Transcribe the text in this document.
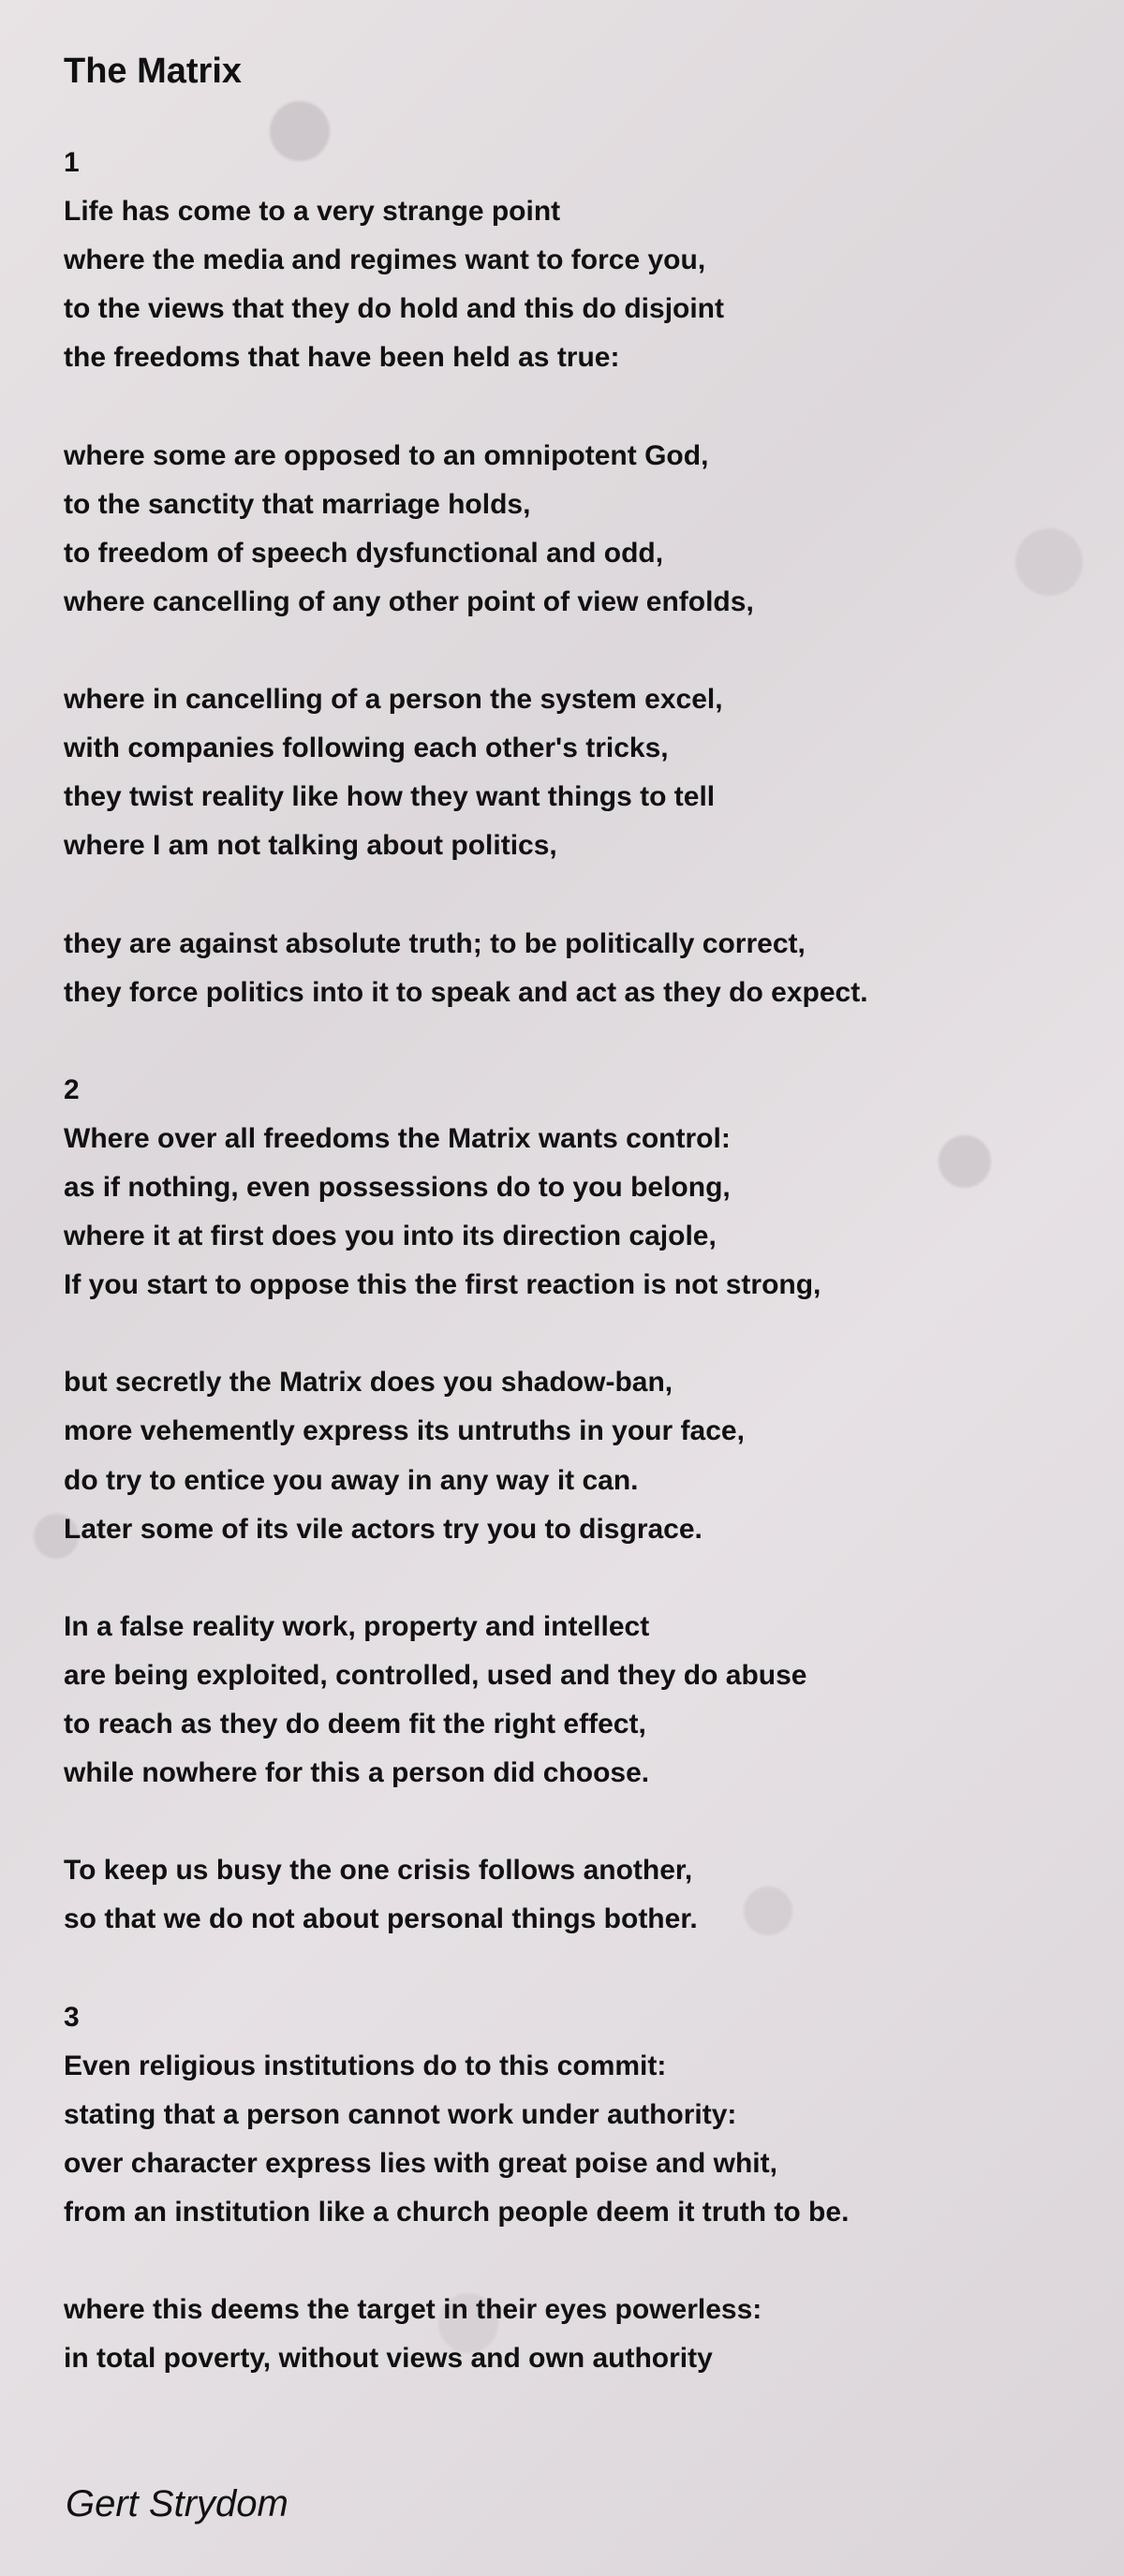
The Matrix
1
Life has come to a very strange point
where the media and regimes want to force you,
to the views that they do hold and this do disjoint
the freedoms that have been held as true:
where some are opposed to an omnipotent God,
to the sanctity that marriage holds,
to freedom of speech dysfunctional and odd,
where cancelling of any other point of view enfolds,
where in cancelling of a person the system excel,
with companies following each other's tricks,
they twist reality like how they want things to tell
where I am not talking about politics,
they are against absolute truth; to be politically correct,
they force politics into it to speak and act as they do expect.
2
Where over all freedoms the Matrix wants control:
as if nothing, even possessions do to you belong,
where it at first does you into its direction cajole,
If you start to oppose this the first reaction is not strong,
but secretly the Matrix does you shadow-ban,
more vehemently express its untruths in your face,
do try to entice you away in any way it can.
Later some of its vile actors try you to disgrace.
In a false reality work, property and intellect
are being exploited, controlled, used and they do abuse
to reach as they do deem fit the right effect,
while nowhere for this a person did choose.
To keep us busy the one crisis follows another,
so that we do not about personal things bother.
3
Even religious institutions do to this commit:
stating that a person cannot work under authority:
over character express lies with great poise and whit,
from an institution like a church people deem it truth to be.
where this deems the target in their eyes powerless:
in total poverty, without views and own authority
Gert Strydom
